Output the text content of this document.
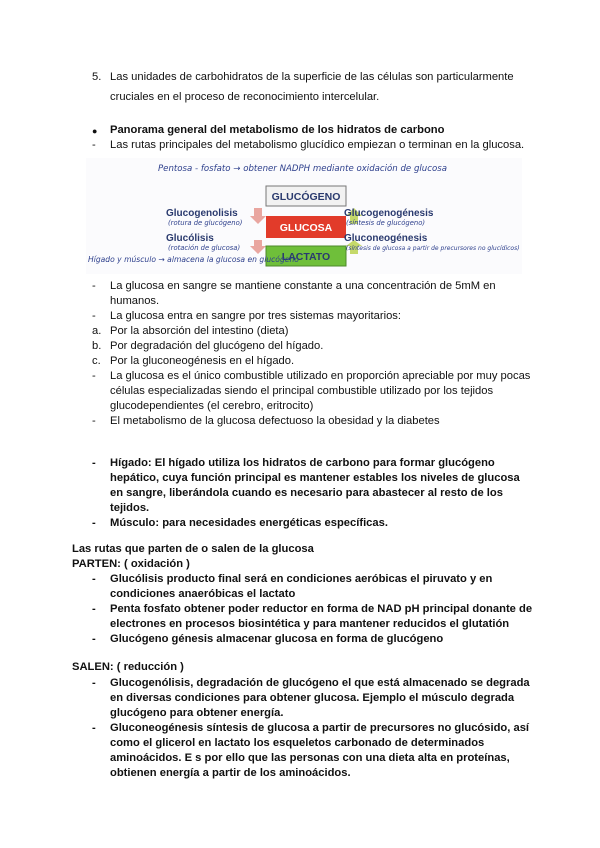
5. Las unidades de carbohidratos de la superficie de las células son particularmente
cruciales en el proceso de reconocimiento intercelular.
● Panorama general del metabolismo de los hidratos de carbono
- Las rutas principales del metabolismo glucídico empiezan o terminan en la glucosa.
Pentosa - fosfato → obtener NADPH mediante oxidación de glucosa
GLUCÓGENO
GLUCOSA
LACTATO
Glucogenolisis
(rotura de glucógeno)
Glucólisis
(rotación de glucosa)
Glucogenogénesis
(síntesis de glucógeno)
Gluconeogénesis
(síntesis de glucosa a partir de precursores no glucídicos)
Hígado y músculo → almacena la glucosa en glucógeno
- La glucosa en sangre se mantiene constante a una concentración de 5mM en
humanos.
- La glucosa entra en sangre por tres sistemas mayoritarios:
a. Por la absorción del intestino (dieta)
b. Por degradación del glucógeno del hígado.
c. Por la gluconeogénesis en el hígado.
- La glucosa es el único combustible utilizado en proporción apreciable por muy pocas
células especializadas siendo el principal combustible utilizado por los tejidos
glucodependientes (el cerebro, eritrocito)
- El metabolismo de la glucosa defectuoso la obesidad y la diabetes
- Hígado: El hígado utiliza los hidratos de carbono para formar glucógeno
hepático, cuya función principal es mantener estables los niveles de glucosa
en sangre, liberándola cuando es necesario para abastecer al resto de los
tejidos.
- Músculo: para necesidades energéticas específicas.
Las rutas que parten de o salen de la glucosa
PARTEN: ( oxidación )
- Glucólisis producto final será en condiciones aeróbicas el piruvato y en
condiciones anaeróbicas el lactato
- Penta fosfato obtener poder reductor en forma de NAD pH principal donante de
electrones en procesos biosintética y para mantener reducidos el glutatión
- Glucógeno génesis almacenar glucosa en forma de glucógeno
SALEN: ( reducción )
- Glucogenólisis, degradación de glucógeno el que está almacenado se degrada
en diversas condiciones para obtener glucosa. Ejemplo el músculo degrada
glucógeno para obtener energía.
- Gluconeogénesis síntesis de glucosa a partir de precursores no glucósido, así
como el glicerol en lactato los esqueletos carbonado de determinados
aminoácidos. E s por ello que las personas con una dieta alta en proteínas,
obtienen energía a partir de los aminoácidos.
